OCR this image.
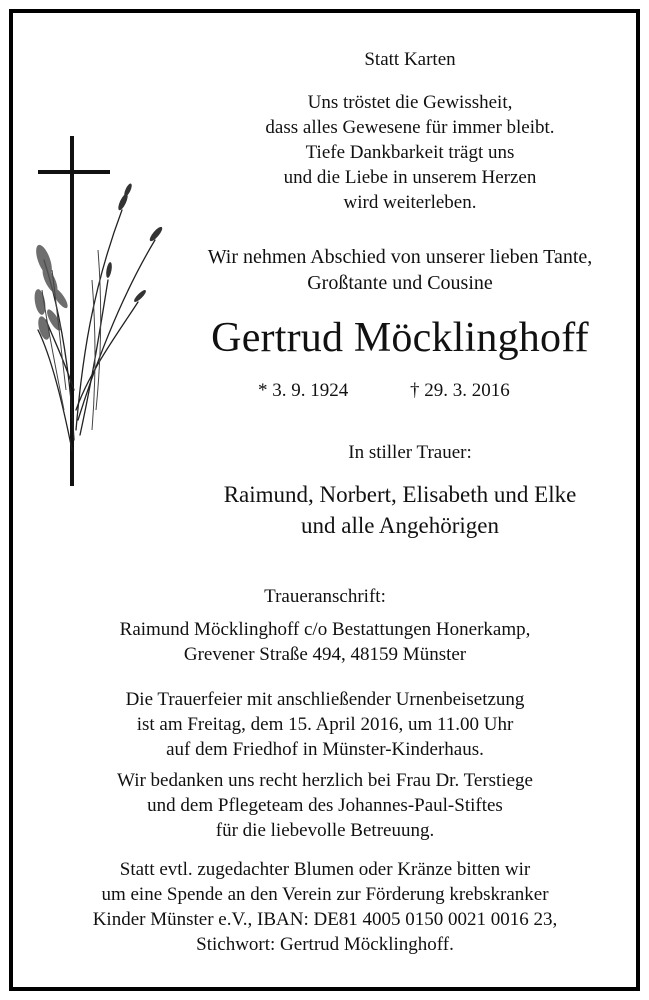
Statt Karten
Uns tröstet die Gewissheit,
dass alles Gewesene für immer bleibt.
Tiefe Dankbarkeit trägt uns
und die Liebe in unserem Herzen
wird weiterleben.
Wir nehmen Abschied von unserer lieben Tante,
Großtante und Cousine
Gertrud Möcklinghoff
* 3. 9. 1924	† 29. 3. 2016
In stiller Trauer:
Raimund, Norbert, Elisabeth und Elke
und alle Angehörigen
Traueranschrift:
Raimund Möcklinghoff c/o Bestattungen Honerkamp,
Grevener Straße 494, 48159 Münster
Die Trauerfeier mit anschließender Urnenbeisetzung
ist am Freitag, dem 15. April 2016, um 11.00 Uhr
auf dem Friedhof in Münster-Kinderhaus.
Wir bedanken uns recht herzlich bei Frau Dr. Terstiege
und dem Pflegeteam des Johannes-Paul-Stiftes
für die liebevolle Betreuung.
Statt evtl. zugedachter Blumen oder Kränze bitten wir
um eine Spende an den Verein zur Förderung krebskranker
Kinder Münster e.V., IBAN: DE81 4005 0150 0021 0016 23,
Stichwort: Gertrud Möcklinghoff.
